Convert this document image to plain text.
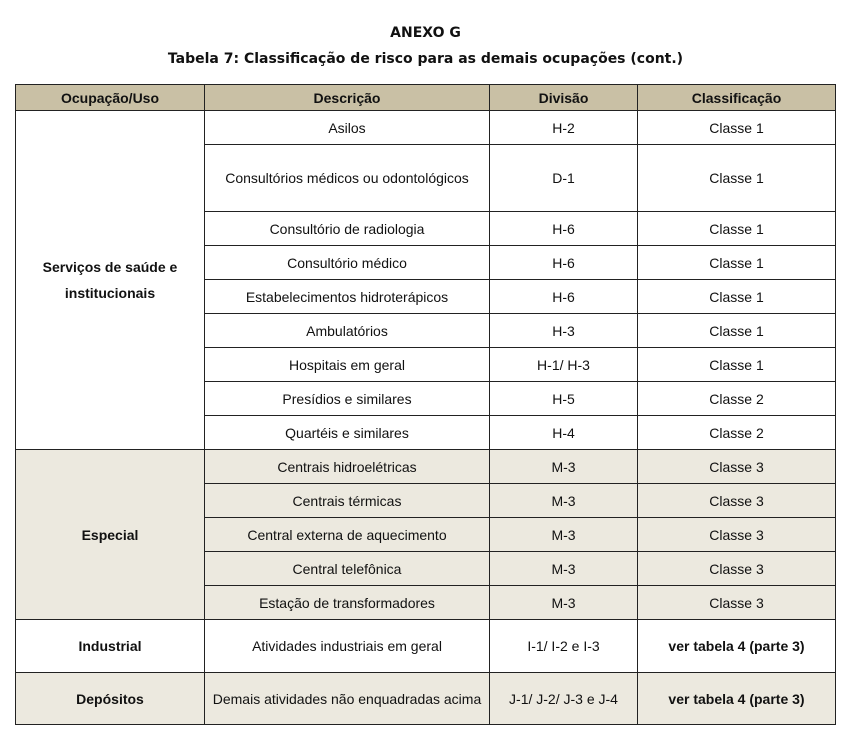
ANEXO G
Tabela 7: Classificação de risco para as demais ocupações (cont.)
Ocupação/Uso	Descrição	Divisão	Classificação
Serviços de saúde e institucionais	Asilos	H-2	Classe 1
	Consultórios médicos ou odontológicos	D-1	Classe 1
	Consultório de radiologia	H-6	Classe 1
	Consultório médico	H-6	Classe 1
	Estabelecimentos hidroterápicos	H-6	Classe 1
	Ambulatórios	H-3	Classe 1
	Hospitais em geral	H-1/ H-3	Classe 1
	Presídios e similares	H-5	Classe 2
	Quartéis e similares	H-4	Classe 2
Especial	Centrais hidroelétricas	M-3	Classe 3
	Centrais térmicas	M-3	Classe 3
	Central externa de aquecimento	M-3	Classe 3
	Central telefônica	M-3	Classe 3
	Estação de transformadores	M-3	Classe 3
Industrial	Atividades industriais em geral	I-1/ I-2 e I-3	ver tabela 4 (parte 3)
Depósitos	Demais atividades não enquadradas acima	J-1/ J-2/ J-3 e J-4	ver tabela 4 (parte 3)
